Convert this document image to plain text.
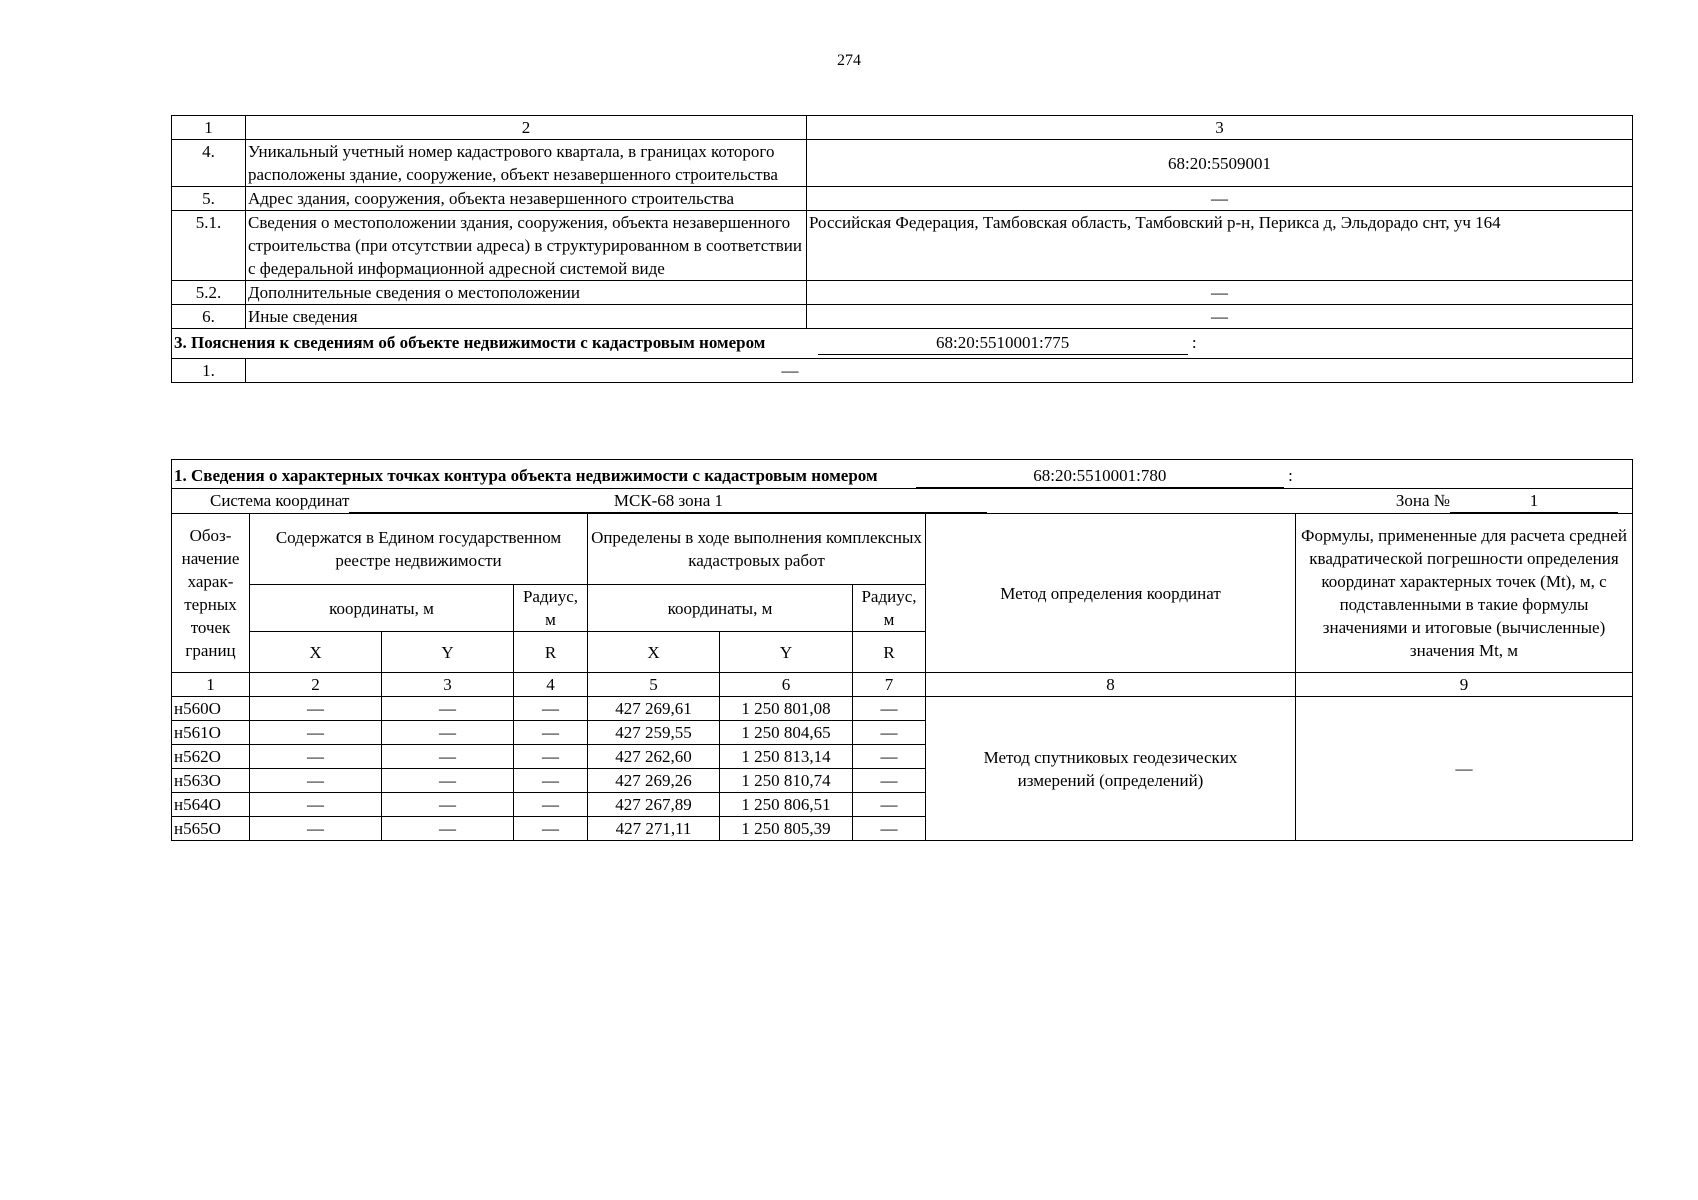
274
1	2	3
4.	Уникальный учетный номер кадастрового квартала, в границах которого расположены здание, сооружение, объект незавершенного строительства	68:20:5509001
5.	Адрес здания, сооружения, объекта незавершенного строительства	—
5.1.	Сведения о местоположении здания, сооружения, объекта незавершенного строительства (при отсутствии адреса) в структурированном в соответствии с федеральной информационной адресной системой виде	Российская Федерация, Тамбовская область, Тамбовский р-н, Перикса д, Эльдорадо снт, уч 164
5.2.	Дополнительные сведения о местоположении	—
6.	Иные сведения	—
3. Пояснения к сведениям об объекте недвижимости с кадастровым номером 68:20:5510001:775 :		
1.	—	
1. Сведения о характерных точках контура объекта недвижимости с кадастровым номером 68:20:5510001:780 :								
Система координат МСК-68 зона 1 Зона № 1								

Обоз-начение харак-терных точек границ	Содержатся в Едином государственном реестре недвижимости			Определены в ходе выполнения комплексных кадастровых работ			Метод определения координат	Формулы, примененные для расчета средней квадратической погрешности определения координат характерных точек (Mt), м, с подставленными в такие формулы значениями и итоговые (вычисленные) значения Mt, м
	координаты, м		Радиус, м	координаты, м		Радиус, м		
	X	Y	R	X	Y	R		
1	2	3	4	5	6	7	8	9
н560О	—	—	—	427 269,61	1 250 801,08	—	Метод спутниковых геодезических измерений (определений)	—
н561О	—	—	—	427 259,55	1 250 804,65	—		
н562О	—	—	—	427 262,60	1 250 813,14	—		
н563О	—	—	—	427 269,26	1 250 810,74	—		
н564О	—	—	—	427 267,89	1 250 806,51	—		
н565О	—	—	—	427 271,11	1 250 805,39	—		
